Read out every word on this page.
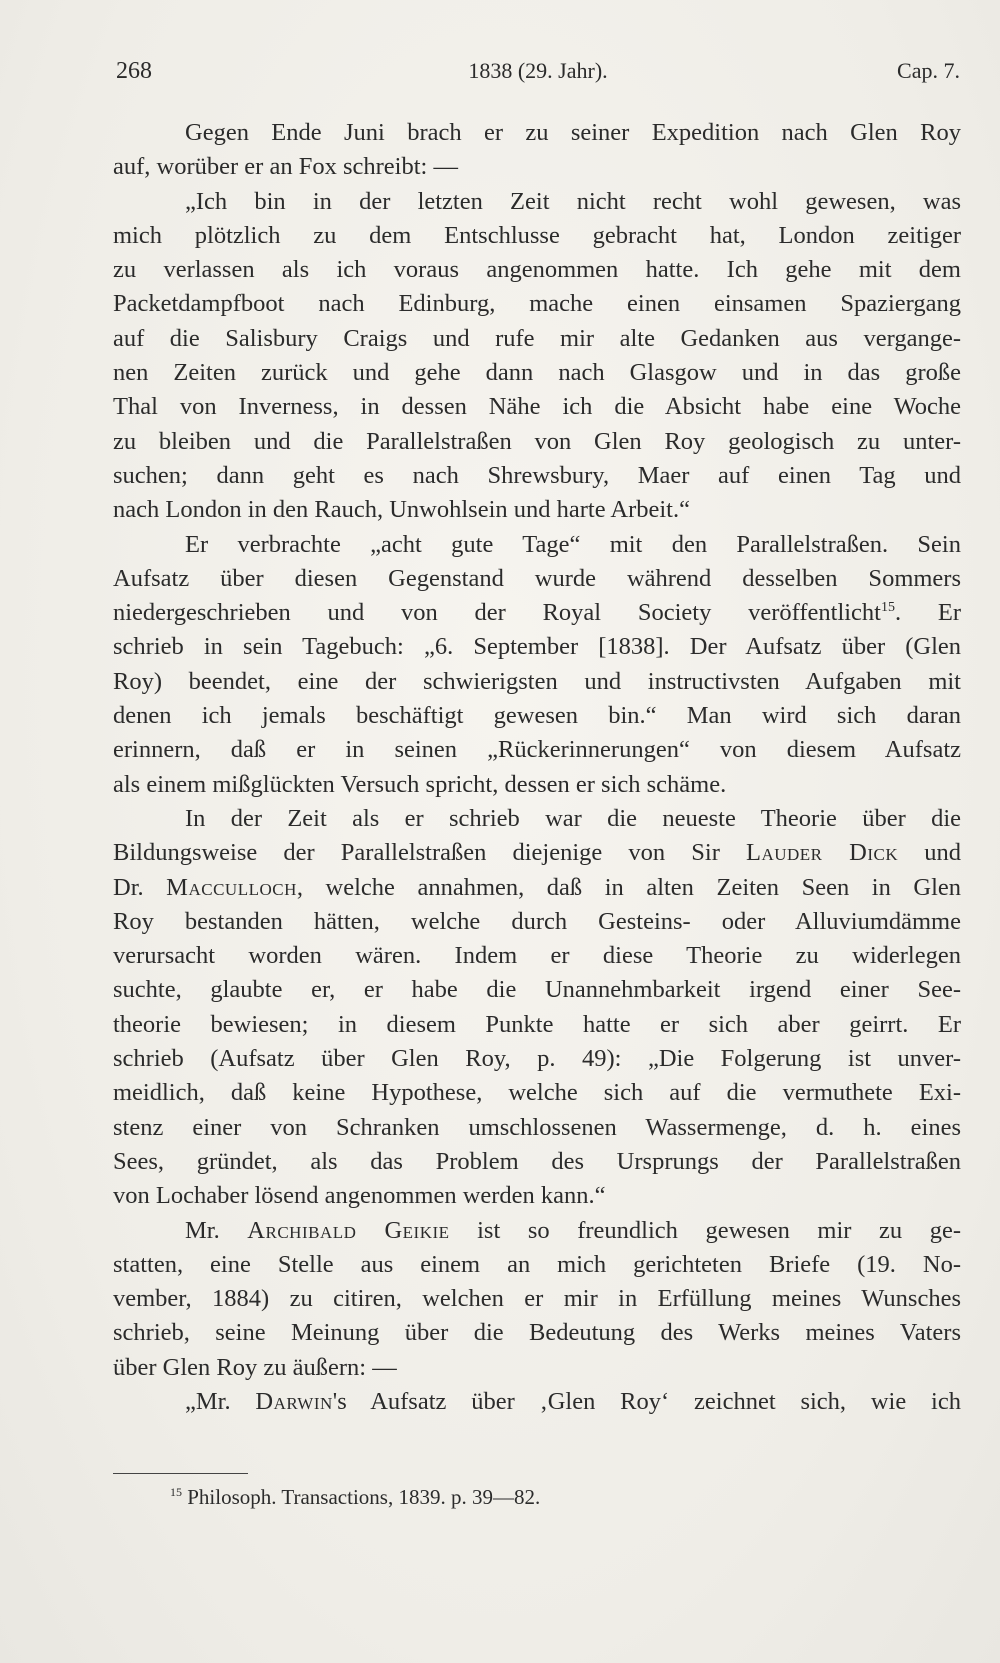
268	1838 (29. Jahr).	Cap. 7.
Gegen Ende Juni brach er zu seiner Expedition nach Glen Roy
auf, worüber er an Fox schreibt: —
„Ich bin in der letzten Zeit nicht recht wohl gewesen, was
mich plötzlich zu dem Entschlusse gebracht hat, London zeitiger
zu verlassen als ich voraus angenommen hatte. Ich gehe mit dem
Packetdampfboot nach Edinburg, mache einen einsamen Spaziergang
auf die Salisbury Craigs und rufe mir alte Gedanken aus vergange-
nen Zeiten zurück und gehe dann nach Glasgow und in das große
Thal von Inverness, in dessen Nähe ich die Absicht habe eine Woche
zu bleiben und die Parallelstraßen von Glen Roy geologisch zu unter-
suchen; dann geht es nach Shrewsbury, Maer auf einen Tag und
nach London in den Rauch, Unwohlsein und harte Arbeit.“
Er verbrachte „acht gute Tage“ mit den Parallelstraßen. Sein
Aufsatz über diesen Gegenstand wurde während desselben Sommers
niedergeschrieben und von der Royal Society veröffentlicht$^{15}$. Er
schrieb in sein Tagebuch: „6. September [1838]. Der Aufsatz über (Glen
Roy) beendet, eine der schwierigsten und instructivsten Aufgaben mit
denen ich jemals beschäftigt gewesen bin.“ Man wird sich daran
erinnern, daß er in seinen „Rückerinnerungen“ von diesem Aufsatz
als einem mißglückten Versuch spricht, dessen er sich schäme.
In der Zeit als er schrieb war die neueste Theorie über die
Bildungsweise der Parallelstraßen diejenige von Sir Lauder Dick und
Dr. Macculloch, welche annahmen, daß in alten Zeiten Seen in Glen
Roy bestanden hätten, welche durch Gesteins- oder Alluviumdämme
verursacht worden wären. Indem er diese Theorie zu widerlegen
suchte, glaubte er, er habe die Unannehmbarkeit irgend einer See-
theorie bewiesen; in diesem Punkte hatte er sich aber geirrt. Er
schrieb (Aufsatz über Glen Roy, p. 49): „Die Folgerung ist unver-
meidlich, daß keine Hypothese, welche sich auf die vermuthete Exi-
stenz einer von Schranken umschlossenen Wassermenge, d. h. eines
Sees, gründet, als das Problem des Ursprungs der Parallelstraßen
von Lochaber lösend angenommen werden kann.“
Mr. Archibald Geikie ist so freundlich gewesen mir zu ge-
statten, eine Stelle aus einem an mich gerichteten Briefe (19. No-
vember, 1884) zu citiren, welchen er mir in Erfüllung meines Wunsches
schrieb, seine Meinung über die Bedeutung des Werks meines Vaters
über Glen Roy zu äußern: —
„Mr. Darwin's Aufsatz über ‚Glen Roy‘ zeichnet sich, wie ich
$^{15}$ Philosoph. Transactions, 1839. p. 39—82.
